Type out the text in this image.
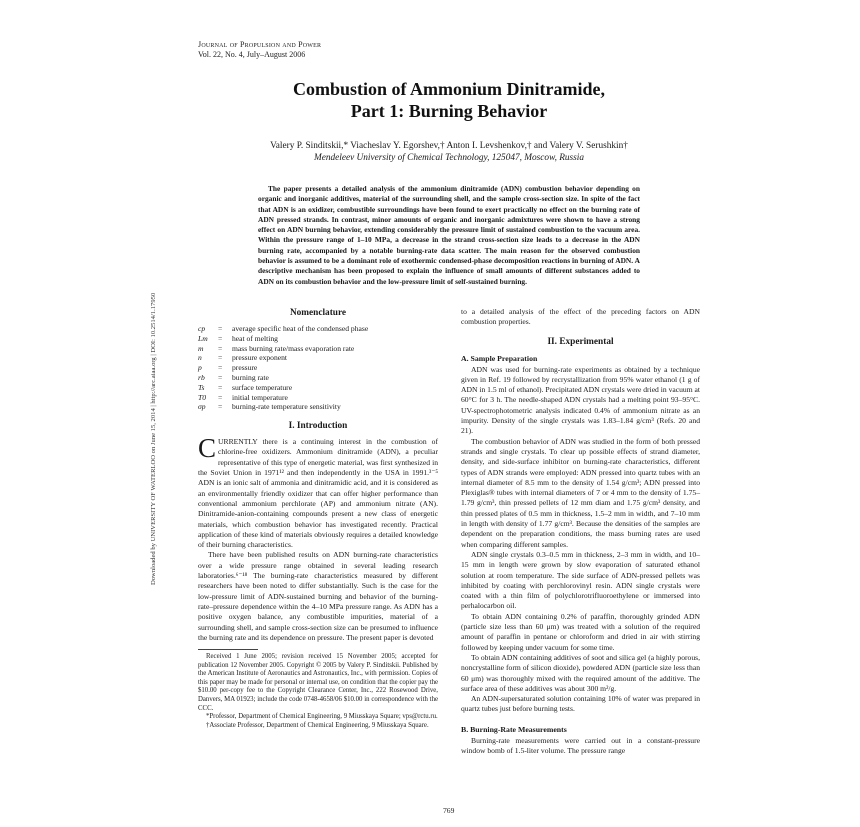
Journal of Propulsion and Power
Vol. 22, No. 4, July–August 2006
Combustion of Ammonium Dinitramide,
Part 1: Burning Behavior
Valery P. Sinditskii,* Viacheslav Y. Egorshev,† Anton I. Levshenkov,† and Valery V. Serushkin†
Mendeleev University of Chemical Technology, 125047, Moscow, Russia

The paper presents a detailed analysis of the ammonium dinitramide (ADN) combustion behavior depending on organic and inorganic additives, material of the surrounding shell, and the sample cross-section size. In spite of the fact that ADN is an oxidizer, combustible surroundings have been found to exert practically no effect on the burning rate of ADN pressed strands. In contrast, minor amounts of organic and inorganic admixtures were shown to have a strong effect on ADN burning behavior, extending considerably the pressure limit of sustained combustion to the vacuum area. Within the pressure range of 1–10 MPa, a decrease in the strand cross-section size leads to a decrease in the ADN burning rate, accompanied by a notable burning-rate data scatter. The main reason for the observed combustion behavior is assumed to be a dominant role of exothermic condensed-phase decomposition reactions in burning of ADN. A descriptive mechanism has been proposed to explain the influence of small amounts of different substances added to ADN on its combustion behavior and the low-pressure limit of self-sustained burning.

Downloaded by UNIVERSITY OF WATERLOO on June 15, 2014 | http://arc.aiaa.org | DOI: 10.2514/1.17950	Nomenclature
cp	=	average specific heat of the condensed phase
Lm	=	heat of melting
m	=	mass burning rate/mass evaporation rate
n	=	pressure exponent
p	=	pressure
rb	=	burning rate
Ts	=	surface temperature
T0	=	initial temperature
σp	=	burning-rate temperature sensitivity
I. Introduction

CURRENTLY there is a continuing interest in the combustion of chlorine-free oxidizers. Ammonium dinitramide (ADN), a peculiar representative of this type of energetic material, was first synthesized in the Soviet Union in 1971¹² and then independently in the USA in 1991.³⁻⁵ ADN is an ionic salt of ammonia and dinitramidic acid, and it is considered as an environmentally friendly oxidizer that can offer higher performance than conventional ammonium perchlorate (AP) and ammonium nitrate (AN). Dinitramide-anion-containing compounds present a new class of energetic materials, which combustion behavior has investigated recently. Practical application of these kind of materials obviously requires a detailed knowledge of their burning characteristics.

There have been published results on ADN burning-rate characteristics over a wide pressure range obtained in several leading research laboratories.⁶⁻¹⁸ The burning-rate characteristics measured by different researchers have been noted to differ substantially. Such is the case for the low-pressure limit of ADN-sustained burning and behavior of the burning-rate–pressure dependence within the 4–10 MPa pressure range. As ADN has a positive oxygen balance, any combustible impurities, material of a surrounding shell, and sample cross-section size can be presumed to influence the burning rate and its dependence on pressure. The present paper is devoted

Received 1 June 2005; revision received 15 November 2005; accepted for publication 12 November 2005. Copyright © 2005 by Valery P. Sinditskii. Published by the American Institute of Aeronautics and Astronautics, Inc., with permission. Copies of this paper may be made for personal or internal use, on condition that the copier pay the $10.00 per-copy fee to the Copyright Clearance Center, Inc., 222 Rosewood Drive, Danvers, MA 01923; include the code 0748-4658/06 $10.00 in correspondence with the CCC.

*Professor, Department of Chemical Engineering, 9 Miusskaya Square; vps@rctu.ru.

†Associate Professor, Department of Chemical Engineering, 9 Miusskaya Square.

to a detailed analysis of the effect of the preceding factors on ADN combustion properties.

II. Experimental
A. Sample Preparation

ADN was used for burning-rate experiments as obtained by a technique given in Ref. 19 followed by recrystallization from 95% water ethanol (1 g of ADN in 1.5 ml of ethanol). Precipitated ADN crystals were dried in vacuum at 60°C for 3 h. The needle-shaped ADN crystals had a melting point 93–95°C. UV-spectrophotometric analysis indicated 0.4% of ammonium nitrate as an impurity. Density of the single crystals was 1.83–1.84 g/cm³ (Refs. 20 and 21).

The combustion behavior of ADN was studied in the form of both pressed strands and single crystals. To clear up possible effects of strand diameter, density, and side-surface inhibitor on burning-rate characteristics, different types of ADN strands were employed: ADN pressed into quartz tubes with an internal diameter of 8.5 mm to the density of 1.54 g/cm³; ADN pressed into Plexiglas® tubes with internal diameters of 7 or 4 mm to the density of 1.75–1.79 g/cm³, thin pressed pellets of 12 mm diam and 1.75 g/cm³ density, and thin pressed plates of 0.5 mm in thickness, 1.5–2 mm in width, and 7–10 mm in length with density of 1.77 g/cm³. Because the densities of the samples are dependent on the preparation conditions, the mass burning rates are used when comparing different samples.

ADN single crystals 0.3–0.5 mm in thickness, 2–3 mm in width, and 10–15 mm in length were grown by slow evaporation of saturated ethanol solution at room temperature. The side surface of ADN-pressed pellets was inhibited by coating with perchlorovinyl resin. ADN single crystals were coated with a thin film of polychlorotrifluoroethylene or immersed into perhalocarbon oil.

To obtain ADN containing 0.2% of paraffin, thoroughly grinded ADN (particle size less than 60 μm) was treated with a solution of the required amount of paraffin in pentane or chloroform and dried in air with stirring followed by keeping under vacuum for some time.

To obtain ADN containing additives of soot and silica gel (a highly porous, noncrystalline form of silicon dioxide), powdered ADN (particle size less than 60 μm) was thoroughly mixed with the required amount of the additive. The surface area of these additives was about 300 m²/g.

An ADN-supersaturated solution containing 10% of water was prepared in quartz tubes just before burning tests.

B. Burning-Rate Measurements

Burning-rate measurements were carried out in a constant-pressure window bomb of 1.5-liter volume. The pressure range

769
